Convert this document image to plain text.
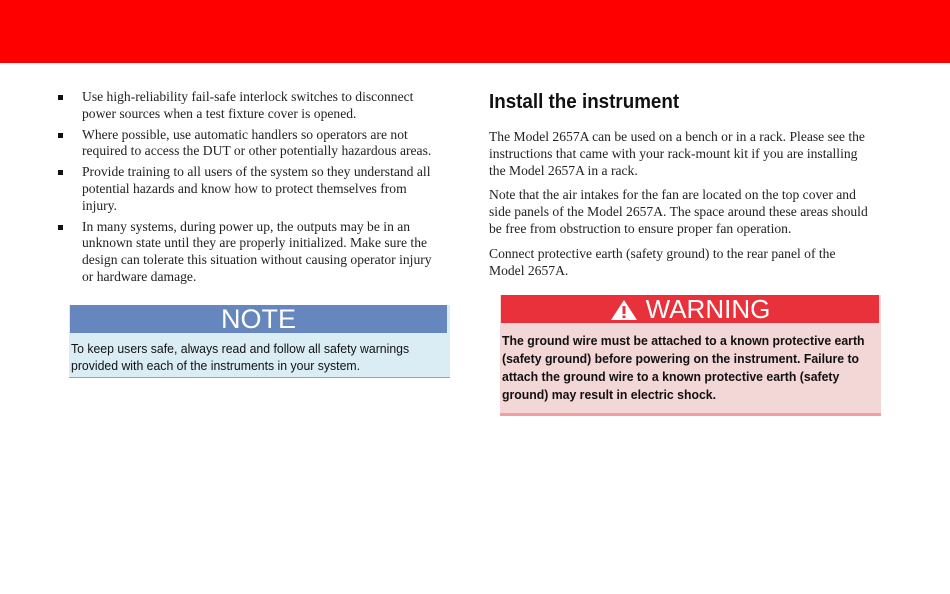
Use high-reliability fail-safe interlock switches to disconnect
power sources when a test fixture cover is opened.
Where possible, use automatic handlers so operators are not
required to access the DUT or other potentially hazardous areas.
Provide training to all users of the system so they understand all
potential hazards and know how to protect themselves from
injury.
In many systems, during power up, the outputs may be in an
unknown state until they are properly initialized. Make sure the
design can tolerate this situation without causing operator injury
or hardware damage.
NOTE
To keep users safe, always read and follow all safety warnings
provided with each of the instruments in your system.
Install the instrument

The Model 2657A can be used on a bench or in a rack. Please see the
instructions that came with your rack-mount kit if you are installing
the Model 2657A in a rack.

Note that the air intakes for the fan are located on the top cover and
side panels of the Model 2657A. The space around these areas should
be free from obstruction to ensure proper fan operation.

Connect protective earth (safety ground) to the rear panel of the
Model 2657A.

WARNING
The ground wire must be attached to a known protective earth
(safety ground) before powering on the instrument. Failure to
attach the ground wire to a known protective earth (safety
ground) may result in electric shock.
